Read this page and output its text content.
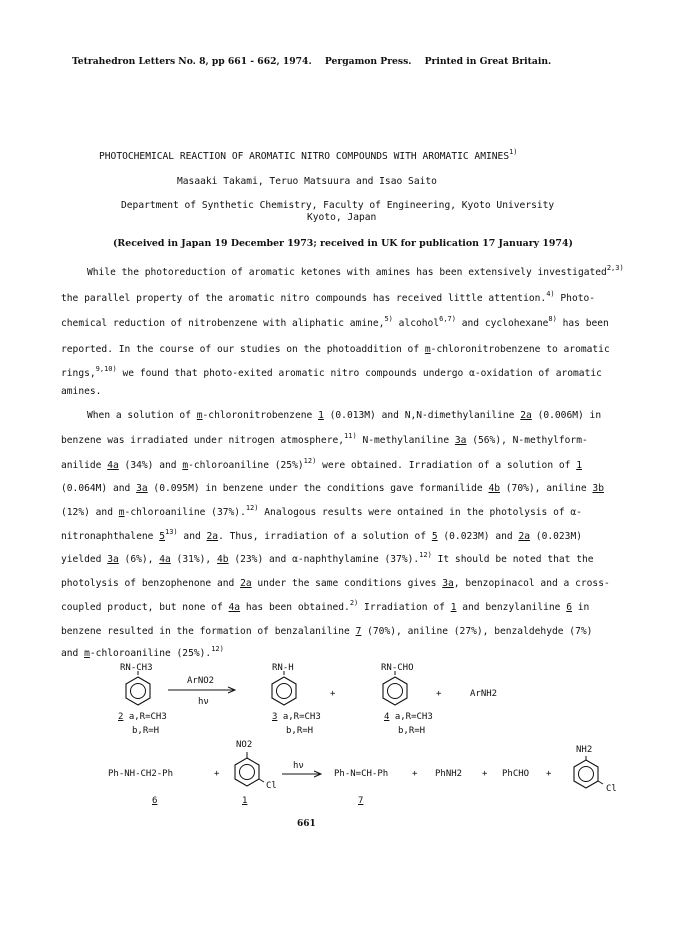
Tetrahedron Letters No. 8, pp 661 - 662, 1974. Pergamon Press. Printed in Great Britain.
PHOTOCHEMICAL REACTION OF AROMATIC NITRO COMPOUNDS WITH AROMATIC AMINES$^{1)}$
Masaaki Takami, Teruo Matsuura and Isao Saito
Department of Synthetic Chemistry, Faculty of Engineering, Kyoto University
Kyoto, Japan
(Received in Japan 19 December 1973; received in UK for publication 17 January 1974)
While the photoreduction of aromatic ketones with amines has been extensively investigated$^{2,3)}$
the parallel property of the aromatic nitro compounds has received little attention.$^{4)}$ Photo-
chemical reduction of nitrobenzene with aliphatic amine,$^{5)}$ alcohol$^{6,7)}$ and cyclohexane$^{8)}$ has been
reported. In the course of our studies on the photoaddition of m-chloronitrobenzene to aromatic
rings,$^{9,10)}$ we found that photo-exited aromatic nitro compounds undergo α-oxidation of aromatic
amines.
When a solution of m-chloronitrobenzene 1 (0.013M) and N,N-dimethylaniline 2a (0.006M) in
benzene was irradiated under nitrogen atmosphere,$^{11)}$ N-methylaniline 3a (56%), N-methylform-
anilide 4a (34%) and m-chloroaniline $(25\%)^{12)}$ were obtained. Irradiation of a solution of 1
(0.064M) and 3a (0.095M) in benzene under the conditions gave formanilide 4b (70%), aniline 3b
(12%) and m-chloroaniline (37%).$^{12)}$ Analogous results were ontained in the photolysis of α-
nitronaphthalene 5$^{13)}$ and 2a. Thus, irradiation of a solution of 5 (0.023M) and 2a (0.023M)
yielded 3a (6%), 4a (31%), 4b (23%) and α-naphthylamine (37%).$^{12)}$ It should be noted that the
photolysis of benzophenone and 2a under the same conditions gives 3a, benzopinacol and a cross-
coupled product, but none of 4a has been obtained.$^{2)}$ Irradiation of 1 and benzylaniline 6 in
benzene resulted in the formation of benzalaniline 7 (70%), aniline (27%), benzaldehyde (7%)
and m-chloroaniline (25%).$^{12)}$
RN-CH3
ArNO2
hν
RN-H
+
RN-CHO
+	ArNH2
2 a,R=CH3
b,R=H
3 a,R=CH3
b,R=H
4 a,R=CH3
b,R=H
Ph-NH-CH2-Ph	+
NO2
Cl
hν
→ Ph-N=CH-Ph	+ PhNH2 + PhCHO +
NH2
Cl
6	1	7
661
